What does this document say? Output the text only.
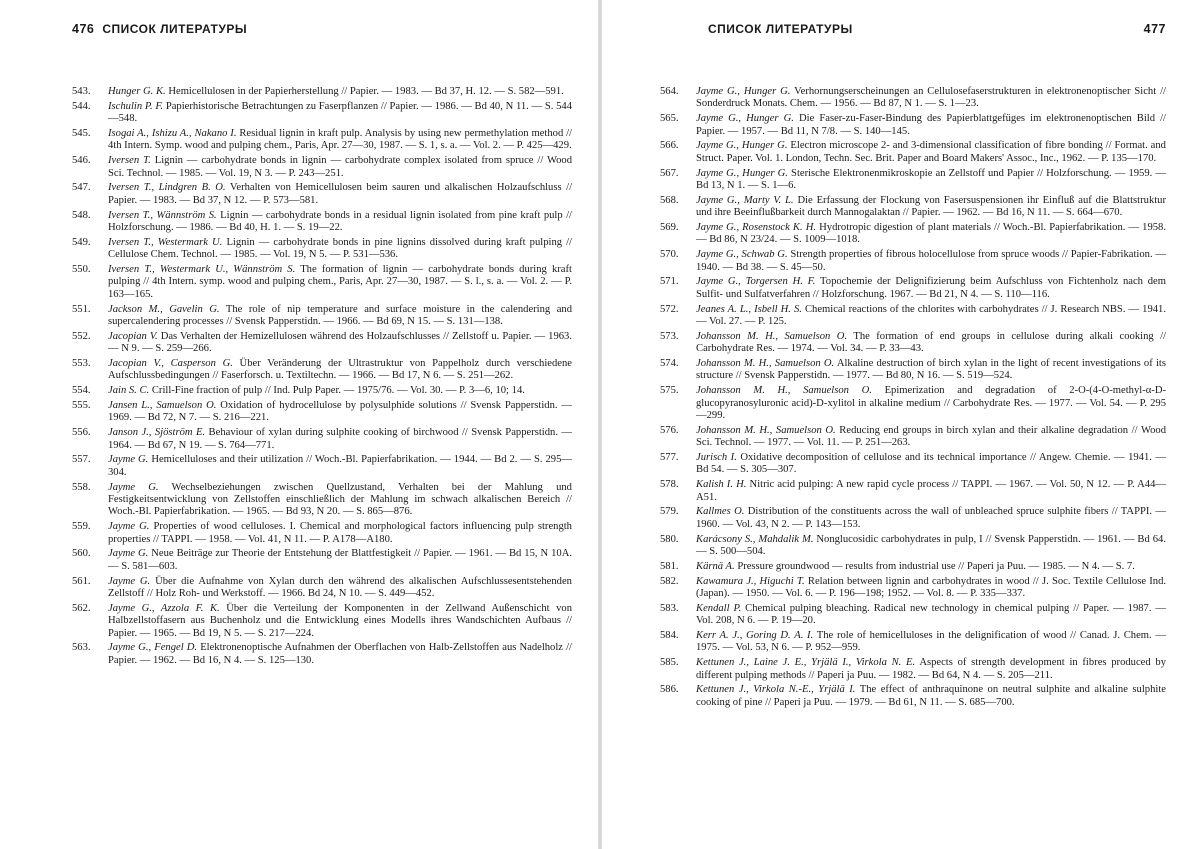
476 СПИСОК ЛИТЕРАТУРЫ
543.	Hunger G. K. Hemicellulosen in der Papierherstellung // Papier. — 1983. — Bd 37, H. 12. — S. 582—591.
544.	Ischulin P. F. Papierhistorische Betrachtungen zu Faserpflanzen // Papier. — 1986. — Bd 40, N 11. — S. 544—548.
545.	Isogai A., Ishizu A., Nakano I. Residual lignin in kraft pulp. Analysis by using new permethylation method // 4th Intern. Symp. wood and pulping chem., Paris, Apr. 27—30, 1987. — S. 1, s. a. — Vol. 2. — P. 425—429.
546.	Iversen T. Lignin — carbohydrate bonds in lignin — carbohydrate complex isolated from spruce // Wood Sci. Technol. — 1985. — Vol. 19, N 3. — P. 243—251.
547.	Iversen T., Lindgren B. O. Verhalten von Hemicellulosen beim sauren und alkalischen Holzaufschluss // Papier. — 1983. — Bd 37, N 12. — P. 573—581.
548.	Iversen T., Wännström S. Lignin — carbohydrate bonds in a residual lignin isolated from pine kraft pulp // Holzforschung. — 1986. — Bd 40, H. 1. — S. 19—22.
549.	Iversen T., Westermark U. Lignin — carbohydrate bonds in pine lignins dissolved during kraft pulping // Cellulose Chem. Technol. — 1985. — Vol. 19, N 5. — P. 531—536.
550.	Iversen T., Westermark U., Wännström S. The formation of lignin — carbohydrate bonds during kraft pulping // 4th Intern. symp. wood and pulping chem., Paris, Apr. 27—30, 1987. — S. l., s. a. — Vol. 2. — P. 163—165.
551.	Jackson M., Gavelin G. The role of nip temperature and surface moisture in the calendering and supercalendering processes // Svensk Papperstidn. — 1966. — Bd 69, N 15. — S. 131—138.
552.	Jacopian V. Das Verhalten der Hemizellulosen während des Holzaufschlusses // Zellstoff u. Papier. — 1963. — N 9. — S. 259—266.
553.	Jacopian V., Casperson G. Über Veränderung der Ultrastruktur von Pappelholz durch verschiedene Aufschlussbedingungen // Faserforsch. u. Textiltechn. — 1966. — Bd 17, N 6. — S. 251—262.
554.	Jain S. C. Crill-Fine fraction of pulp // Ind. Pulp Paper. — 1975/76. — Vol. 30. — P. 3—6, 10; 14.
555.	Jansen L., Samuelson O. Oxidation of hydrocellulose by polysulphide solutions // Svensk Papperstidn. — 1969. — Bd 72, N 7. — S. 216—221.
556.	Janson J., Sjöström E. Behaviour of xylan during sulphite cooking of birchwood // Svensk Papperstidn. — 1964. — Bd 67, N 19. — S. 764—771.
557.	Jayme G. Hemicelluloses and their utilization // Woch.-Bl. Papierfabrikation. — 1944. — Bd 2. — S. 295—304.
558.	Jayme G. Wechselbeziehungen zwischen Quellzustand, Verhalten bei der Mahlung und Festigkeitsentwicklung von Zellstoffen einschließlich der Mahlung im schwach alkalischen Bereich // Woch.-Bl. Papierfabrikation. — 1965. — Bd 93, N 20. — S. 865—876.
559.	Jayme G. Properties of wood celluloses. I. Chemical and morphological factors influencing pulp strength properties // TAPPI. — 1958. — Vol. 41, N 11. — P. A178—A180.
560.	Jayme G. Neue Beiträge zur Theorie der Entstehung der Blattfestigkeit // Papier. — 1961. — Bd 15, N 10A. — S. 581—603.
561.	Jayme G. Über die Aufnahme von Xylan durch den während des alkalischen Aufschlussesentstehenden Zellstoff // Holz Roh- und Werkstoff. — 1966. Bd 24, N 10. — S. 449—452.
562.	Jayme G., Azzola F. K. Über die Verteilung der Komponenten in der Zellwand Außenschicht von Halbzellstoffasern aus Buchenholz und die Entwicklung eines Modells ihres Wandschichten Aufbaus // Papier. — 1965. — Bd 19, N 5. — S. 217—224.
563.	Jayme G., Fengel D. Elektronenoptische Aufnahmen der Oberflachen von Halb-Zellstoffen aus Nadelholz // Papier. — 1962. — Bd 16, N 4. — S. 125—130.
СПИСОК ЛИТЕРАТУРЫ	477
564.	Jayme G., Hunger G. Verhornungserscheinungen an Cellulosefaserstrukturen in elektronenoptischer Sicht // Sonderdruck Monats. Chem. — 1956. — Bd 87, N 1. — S. 1—23.
565.	Jayme G., Hunger G. Die Faser-zu-Faser-Bindung des Papierblattgefüges im elektronenoptischen Bild // Papier. — 1957. — Bd 11, N 7/8. — S. 140—145.
566.	Jayme G., Hunger G. Electron microscope 2- and 3-dimensional classification of fibre bonding // Format. and Struct. Paper. Vol. 1. London, Techn. Sec. Brit. Paper and Board Makers' Assoc., Inc., 1962. — P. 135—170.
567.	Jayme G., Hunger G. Sterische Elektronenmikroskopie an Zellstoff und Papier // Holzforschung. — 1959. — Bd 13, N 1. — S. 1—6.
568.	Jayme G., Marty V. L. Die Erfassung der Flockung von Fasersuspensionen ihr Einfluß auf die Blattstruktur und ihre Beeinflußbarkeit durch Mannogalaktan // Papier. — 1962. — Bd 16, N 11. — S. 664—670.
569.	Jayme G., Rosenstock K. H. Hydrotropic digestion of plant materials // Woch.-Bl. Papierfabrikation. — 1958. — Bd 86, N 23/24. — S. 1009—1018.
570.	Jayme G., Schwab G. Strength properties of fibrous holocellulose from spruce woods // Papier-Fabrikation. — 1940. — Bd 38. — S. 45—50.
571.	Jayme G., Torgersen H. F. Topochemie der Delignifizierung beim Aufschluss von Fichtenholz nach dem Sulfit- und Sulfatverfahren // Holzforschung. 1967. — Bd 21, N 4. — S. 110—116.
572.	Jeanes A. L., Isbell H. S. Chemical reactions of the chlorites with carbohydrates // J. Research NBS. — 1941. — Vol. 27. — P. 125.
573.	Johansson M. H., Samuelson O. The formation of end groups in cellulose during alkali cooking // Carbohydrate Res. — 1974. — Vol. 34. — P. 33—43.
574.	Johansson M. H., Samuelson O. Alkaline destruction of birch xylan in the light of recent investigations of its structure // Svensk Papperstidn. — 1977. — Bd 80, N 16. — S. 519—524.
575.	Johansson M. H., Samuelson O. Epimerization and degradation of 2-O-(4-O-methyl-α-D-glucopyranosyluronic acid)-D-xylitol in alkaline medium // Carbohydrate Res. — 1977. — Vol. 54. — P. 295—299.
576.	Johansson M. H., Samuelson O. Reducing end groups in birch xylan and their alkaline degradation // Wood Sci. Technol. — 1977. — Vol. 11. — P. 251—263.
577.	Jurisch I. Oxidative decomposition of cellulose and its technical importance // Angew. Chemie. — 1941. — Bd 54. — S. 305—307.
578.	Kalish I. H. Nitric acid pulping: A new rapid cycle process // TAPPI. — 1967. — Vol. 50, N 12. — P. A44—A51.
579.	Kallmes O. Distribution of the constituents across the wall of unbleached spruce sulphite fibers // TAPPI. — 1960. — Vol. 43, N 2. — P. 143—153.
580.	Karácsony S., Mahdalik M. Nonglucosidic carbohydrates in pulp, I // Svensk Papperstidn. — 1961. — Bd 64. — S. 500—504.
581.	Kärnä A. Pressure groundwood — results from industrial use // Paperi ja Puu. — 1985. — N 4. — S. 7.
582.	Kawamura J., Higuchi T. Relation between lignin and carbohydrates in wood // J. Soc. Textile Cellulose Ind. (Japan). — 1950. — Vol. 6. — P. 196—198; 1952. — Vol. 8. — P. 335—337.
583.	Kendall P. Chemical pulping bleaching. Radical new technology in chemical pulping // Paper. — 1987. — Vol. 208, N 6. — P. 19—20.
584.	Kerr A. J., Goring D. A. I. The role of hemicelluloses in the delignification of wood // Canad. J. Chem. — 1975. — Vol. 53, N 6. — P. 952—959.
585.	Kettunen J., Laine J. E., Yrjälä I., Virkola N. E. Aspects of strength development in fibres produced by different pulping methods // Paperi ja Puu. — 1982. — Bd 64, N 4. — S. 205—211.
586.	Kettunen J., Virkola N.-E., Yrjälä I. The effect of anthraquinone on neutral sulphite and alkaline sulphite cooking of pine // Paperi ja Puu. — 1979. — Bd 61, N 11. — S. 685—700.
